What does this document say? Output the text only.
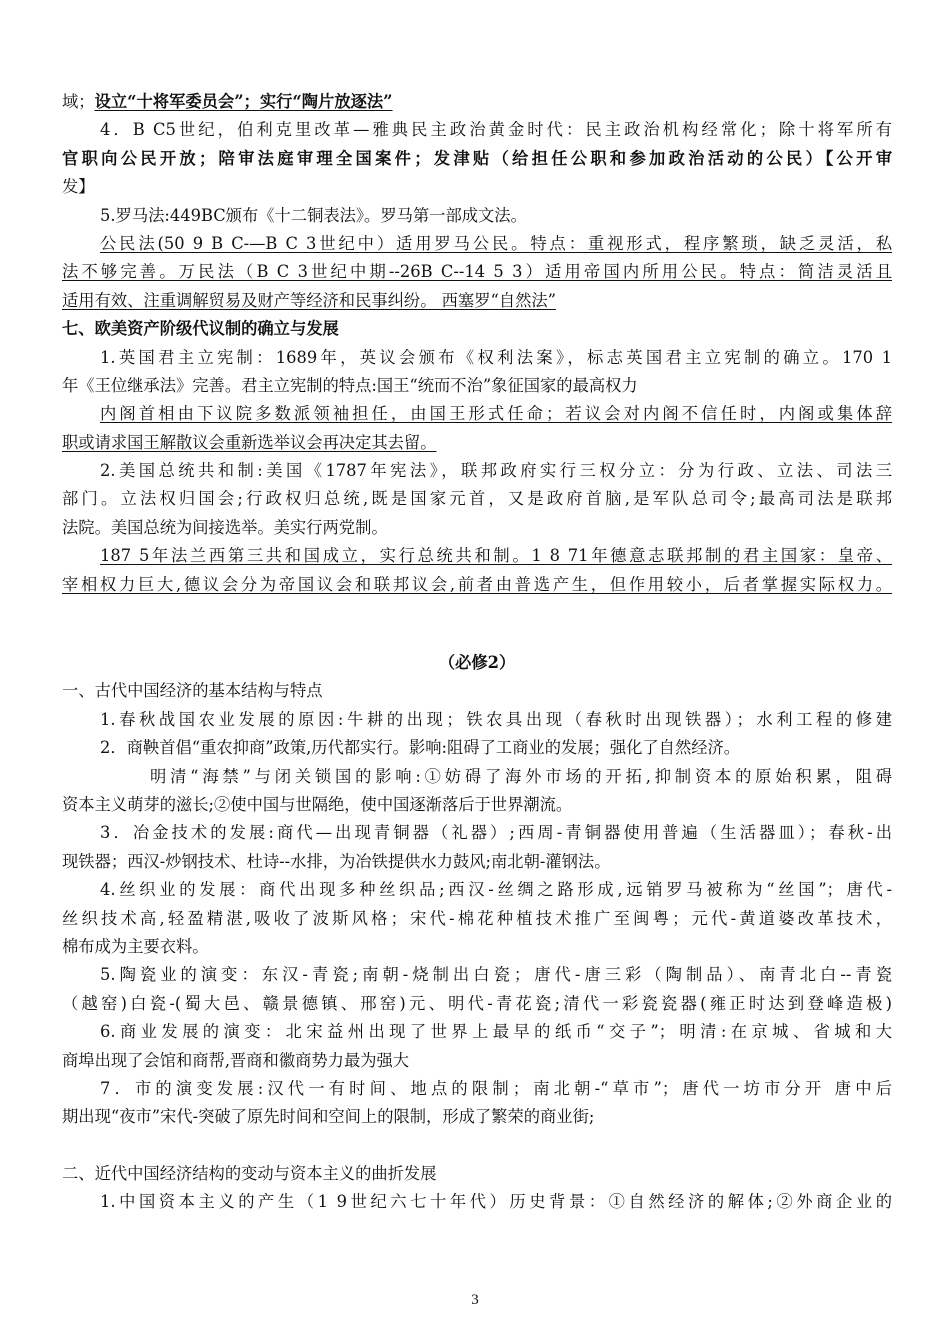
域；设立“十将军委员会”；实行“陶片放逐法”
4．B C5世纪，伯利克里改革—雅典民主政治黄金时代：民主政治机构经常化；除十将军所有
官职向公民开放；陪审法庭审理全国案件；发津贴（给担任公职和参加政治活动的公民）【公开审
发】
5.罗马法:449BC颁布《十二铜表法》。罗马第一部成文法。
公民法(50 9 B C-—B C 3世纪中）适用罗马公民。特点：重视形式，程序繁琐，缺乏灵活，私
法不够完善。万民法（B C 3世纪中期--26B C--14 5 3）适用帝国内所用公民。特点：简洁灵活且
适用有效、注重调解贸易及财产等经济和民事纠纷。 西塞罗“自然法”
七、欧美资产阶级代议制的确立与发展
1.英国君主立宪制：1689年，英议会颁布《权利法案》，标志英国君主立宪制的确立。170 1
年《王位继承法》完善。君主立宪制的特点:国王“统而不治”象征国家的最高权力
内阁首相由下议院多数派领袖担任，由国王形式任命；若议会对内阁不信任时，内阁或集体辞
职或请求国王解散议会重新选举议会再决定其去留。
2.美国总统共和制:美国《1787年宪法》，联邦政府实行三权分立：分为行政、立法、司法三
部门。立法权归国会;行政权归总统,既是国家元首，又是政府首脑,是军队总司令;最高司法是联邦
法院。美国总统为间接选举。美实行两党制。
187 5年法兰西第三共和国成立，实行总统共和制。1 8 71年德意志联邦制的君主国家：皇帝、
宰相权力巨大,德议会分为帝国议会和联邦议会,前者由普选产生，但作用较小，后者掌握实际权力。
（必修2）
一、古代中国经济的基本结构与特点
1.春秋战国农业发展的原因:牛耕的出现；铁农具出现（春秋时出现铁器）；水利工程的修建
2．商鞅首倡“重农抑商”政策,历代都实行。影响:阻碍了工商业的发展；强化了自然经济。
明清“海禁”与闭关锁国的影响:①妨碍了海外市场的开拓,抑制资本的原始积累，阻碍
资本主义萌芽的滋长;②使中国与世隔绝，使中国逐渐落后于世界潮流。
3．冶金技术的发展:商代—出现青铜器（礼器）;西周-青铜器使用普遍（生活器皿）；春秋-出
现铁器；西汉-炒钢技术、杜诗--水排，为冶铁提供水力鼓风;南北朝-灌钢法。
4.丝织业的发展：商代出现多种丝织品;西汉-丝绸之路形成,远销罗马被称为“丝国”；唐代-
丝织技术高,轻盈精湛,吸收了波斯风格；宋代-棉花种植技术推广至闽粤；元代-黄道婆改革技术，
棉布成为主要衣料。
5.陶瓷业的演变：东汉-青瓷;南朝-烧制出白瓷；唐代-唐三彩（陶制品）、南青北白--青瓷
（越窑)白瓷-(蜀大邑、赣景德镇、邢窑)元、明代-青花瓷;清代一彩瓷瓷器(雍正时达到登峰造极)
6.商业发展的演变：北宋益州出现了世界上最早的纸币“交子”；明清:在京城、省城和大
商埠出现了会馆和商帮,晋商和徽商势力最为强大
7．市的演变发展:汉代一有时间、地点的限制；南北朝-“草市”；唐代一坊市分开 唐中后
期出现“夜市”宋代-突破了原先时间和空间上的限制，形成了繁荣的商业街;
二、近代中国经济结构的变动与资本主义的曲折发展
1.中国资本主义的产生（1 9世纪六七十年代）历史背景：①自然经济的解体;②外商企业的
3
